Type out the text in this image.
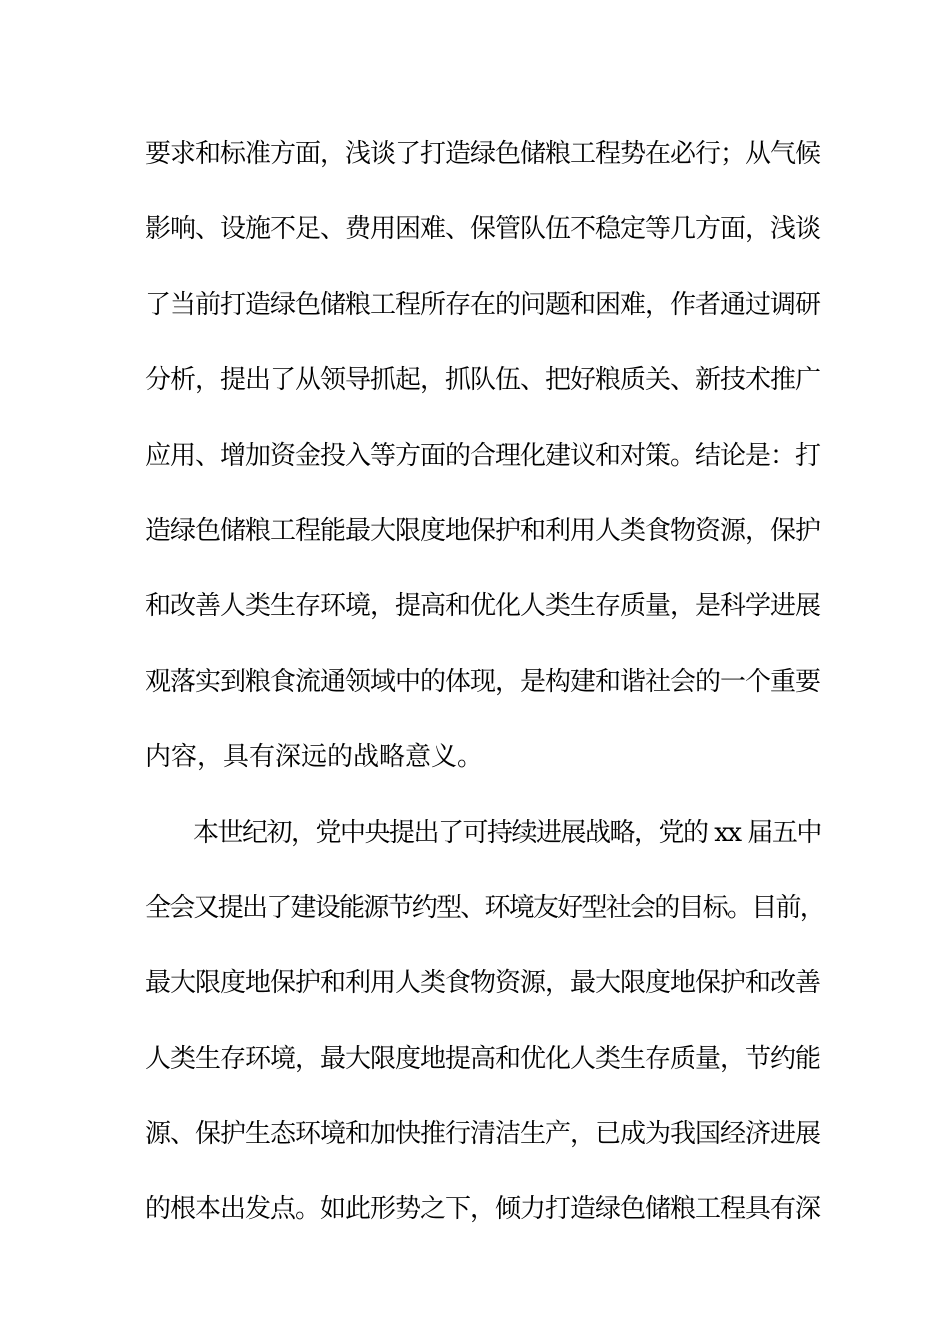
要求和标准方面，浅谈了打造绿色储粮工程势在必行；从气候
影响、设施不足、费用困难、保管队伍不稳定等几方面，浅谈
了当前打造绿色储粮工程所存在的问题和困难，作者通过调研
分析，提出了从领导抓起，抓队伍、把好粮质关、新技术推广
应用、增加资金投入等方面的合理化建议和对策。结论是：打
造绿色储粮工程能最大限度地保护和利用人类食物资源，保护
和改善人类生存环境，提高和优化人类生存质量，是科学进展
观落实到粮食流通领域中的体现，是构建和谐社会的一个重要
内容，具有深远的战略意义。
本世纪初，党中央提出了可持续进展战略，党的 xx 届五中
全会又提出了建设能源节约型、环境友好型社会的目标。目前，
最大限度地保护和利用人类食物资源，最大限度地保护和改善
人类生存环境，最大限度地提高和优化人类生存质量，节约能
源、保护生态环境和加快推行清洁生产，已成为我国经济进展
的根本出发点。如此形势之下，倾力打造绿色储粮工程具有深
